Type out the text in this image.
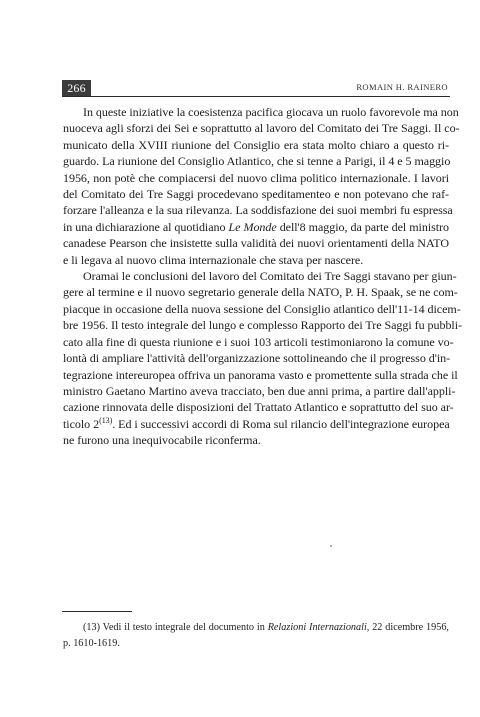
266	ROMAIN H. RAINERO
In queste iniziative la coesistenza pacifica giocava un ruolo favorevole ma non
nuoceva agli sforzi dei Sei e soprattutto al lavoro del Comitato dei Tre Saggi. Il co-
municato della XVIII riunione del Consiglio era stata molto chiaro a questo ri-
guardo. La riunione del Consiglio Atlantico, che si tenne a Parigi, il 4 e 5 maggio
1956, non potè che compiacersi del nuovo clima politico internazionale. I lavori
del Comitato dei Tre Saggi procedevano speditamenteo e non potevano che raf-
forzare l'alleanza e la sua rilevanza. La soddisfazione dei suoi membri fu espressa
in una dichiarazione al quotidiano Le Monde dell'8 maggio, da parte del ministro
canadese Pearson che insistette sulla validità dei nuovi orientamenti della NATO
e li legava al nuovo clima internazionale che stava per nascere.
Oramai le conclusioni del lavoro del Comitato dei Tre Saggi stavano per giun-
gere al termine e il nuovo segretario generale della NATO, P. H. Spaak, se ne com-
piacque in occasione della nuova sessione del Consiglio atlantico dell'11-14 dicem-
bre 1956. Il testo integrale del lungo e complesso Rapporto dei Tre Saggi fu pubbli-
cato alla fine di questa riunione e i suoi 103 articoli testimoniarono la comune vo-
lontà di ampliare l'attività dell'organizzazione sottolineando che il progresso d'in-
tegrazione intereuropea offriva un panorama vasto e promettente sulla strada che il
ministro Gaetano Martino aveva tracciato, ben due anni prima, a partire dall'appli-
cazione rinnovata delle disposizioni del Trattato Atlantico e soprattutto del suo ar-
ticolo 2$^{(13)}$. Ed i successivi accordi di Roma sul rilancio dell'integrazione europea
ne furono una inequivocabile riconferma.
(13) Vedi il testo integrale del documento in Relazioni Internazionali, 22 dicembre 1956,
p. 1610-1619.
